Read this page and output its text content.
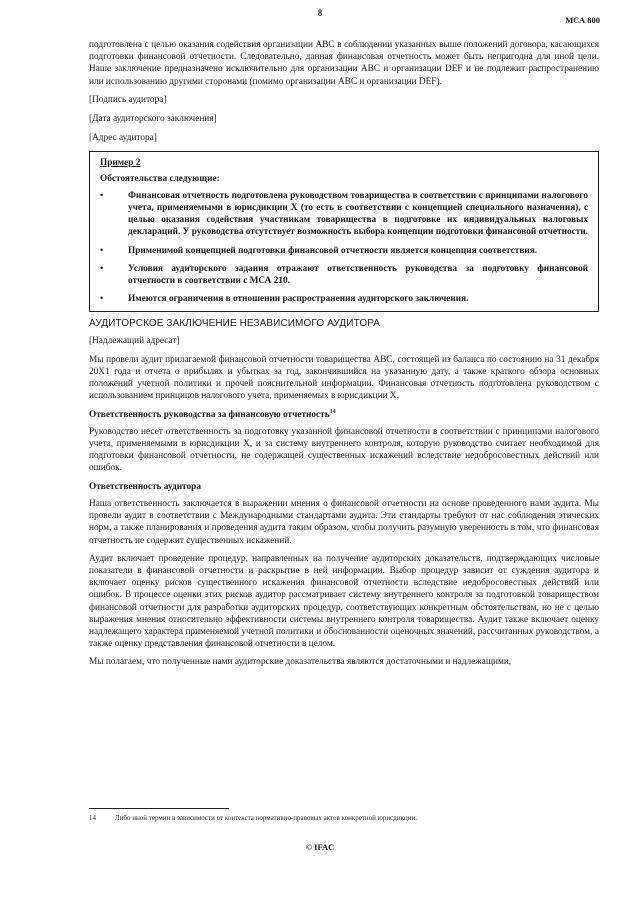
8
МСА 800

подготовлена с целью оказания содействия организации ABC в соблюдении указанных выше положений договора, касающихся подготовки финансовой отчетности. Следовательно, данная финансовая отчетность может быть непригодна для иной цели. Наше заключение предназначено исключительно для организации ABC и организации DEF и не подлежит распространению или использованию другими сторонами (помимо организации ABC и организации DEF).

[Подпись аудитора]
[Дата аудиторского заключения]
[Адрес аудитора]
Пример 2
Обстоятельства следующие:
•	Финансовая отчетность подготовлена руководством товарищества в соответствии с принципами налогового учета, применяемыми в юрисдикции X (то есть в соответствии с концепцией специального назначения), с целью оказания содействия участникам товарищества в подготовке их индивидуальных налоговых деклараций. У руководства отсутствует возможность выбора концепции подготовки финансовой отчетности.
•	Применимой концепцией подготовки финансовой отчетности является концепция соответствия.
•	Условия аудиторского задания отражают ответственность руководства за подготовку финансовой отчетности в соответствии с МСА 210.
•	Имеются ограничения в отношении распространения аудиторского заключения.
АУДИТОРСКОЕ ЗАКЛЮЧЕНИЕ НЕЗАВИСИМОГО АУДИТОРА
[Надлежащий адресат]

Мы провели аудит прилагаемой финансовой отчетности товарищества ABC, состоящей из баланса по состоянию на 31 декабря 20X1 года и отчета о прибылях и убытках за год, закончившийся на указанную дату, а также краткого обзора основных положений учетной политики и прочей пояснительной информации. Финансовая отчетность подготовлена руководством с использованием принципов налогового учета, применяемых в юрисдикции X.

Ответственность руководства за финансовую отчетность$^{14}$

Руководство несет ответственность за подготовку указанной финансовой отчетности в соответствии с принципами налогового учета, применяемыми в юрисдикции X, и за систему внутреннего контроля, которую руководство считает необходимой для подготовки финансовой отчетности, не содержащей существенных искажений вследствие недобросовестных действий или ошибок.

Ответственность аудитора

Наша ответственность заключается в выражении мнения о финансовой отчетности на основе проведенного нами аудита. Мы провели аудит в соответствии с Международными стандартами аудита. Эти стандарты требуют от нас соблюдения этических норм, а также планирования и проведения аудита таким образом, чтобы получить разумную уверенность в том, что финансовая отчетность не содержит существенных искажений.

Аудит включает проведение процедур, направленных на получение аудиторских доказательств, подтверждающих числовые показатели в финансовой отчетности и раскрытие в ней информации. Выбор процедур зависит от суждения аудитора и включает оценку рисков существенного искажения финансовой отчетности вследствие недобросовестных действий или ошибок. В процессе оценки этих рисков аудитор рассматривает систему внутреннего контроля за подготовкой товариществом финансовой отчетности для разработки аудиторских процедур, соответствующих конкретным обстоятельствам, но не с целью выражения мнения относительно эффективности системы внутреннего контроля товарищества. Аудит также включает оценку надлежащего характера применяемой учетной политики и обоснованности оценочных значений, рассчитанных руководством, а также оценку представления финансовой отчетности в целом.

Мы полагаем, что полученные нами аудиторские доказательства являются достаточными и надлежащими,

14	Либо иной термин в зависимости от контекста нормативно-правовых актов конкретной юрисдикции.
© IFAC
